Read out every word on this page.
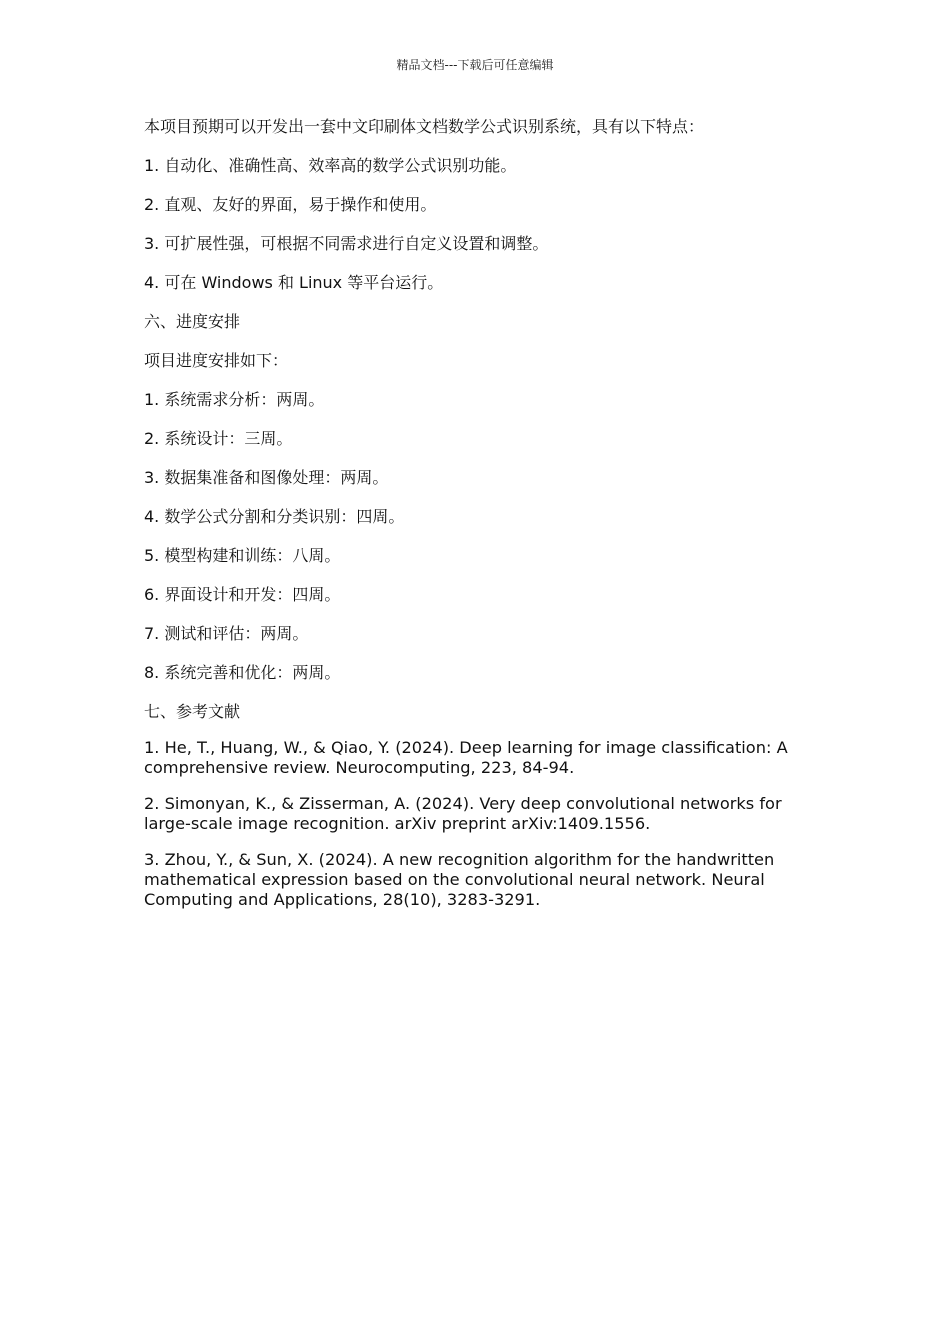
精品文档---下载后可任意编辑

本项目预期可以开发出一套中文印刷体文档数学公式识别系统，具有以下特点：

1. 自动化、准确性高、效率高的数学公式识别功能。

2. 直观、友好的界面，易于操作和使用。

3. 可扩展性强，可根据不同需求进行自定义设置和调整。

4. 可在 Windows 和 Linux 等平台运行。

六、进度安排

项目进度安排如下：

1. 系统需求分析：两周。

2. 系统设计：三周。

3. 数据集准备和图像处理：两周。

4. 数学公式分割和分类识别：四周。

5. 模型构建和训练：八周。

6. 界面设计和开发：四周。

7. 测试和评估：两周。

8. 系统完善和优化：两周。

七、参考文献

1. He, T., Huang, W., & Qiao, Y. (2024). Deep learning for image classification: A comprehensive review. Neurocomputing, 223, 84-94.

2. Simonyan, K., & Zisserman, A. (2024). Very deep convolutional networks for large-scale image recognition. arXiv preprint arXiv:1409.1556.

3. Zhou, Y., & Sun, X. (2024). A new recognition algorithm for the handwritten mathematical expression based on the convolutional neural network. Neural Computing and Applications, 28(10), 3283-3291.
